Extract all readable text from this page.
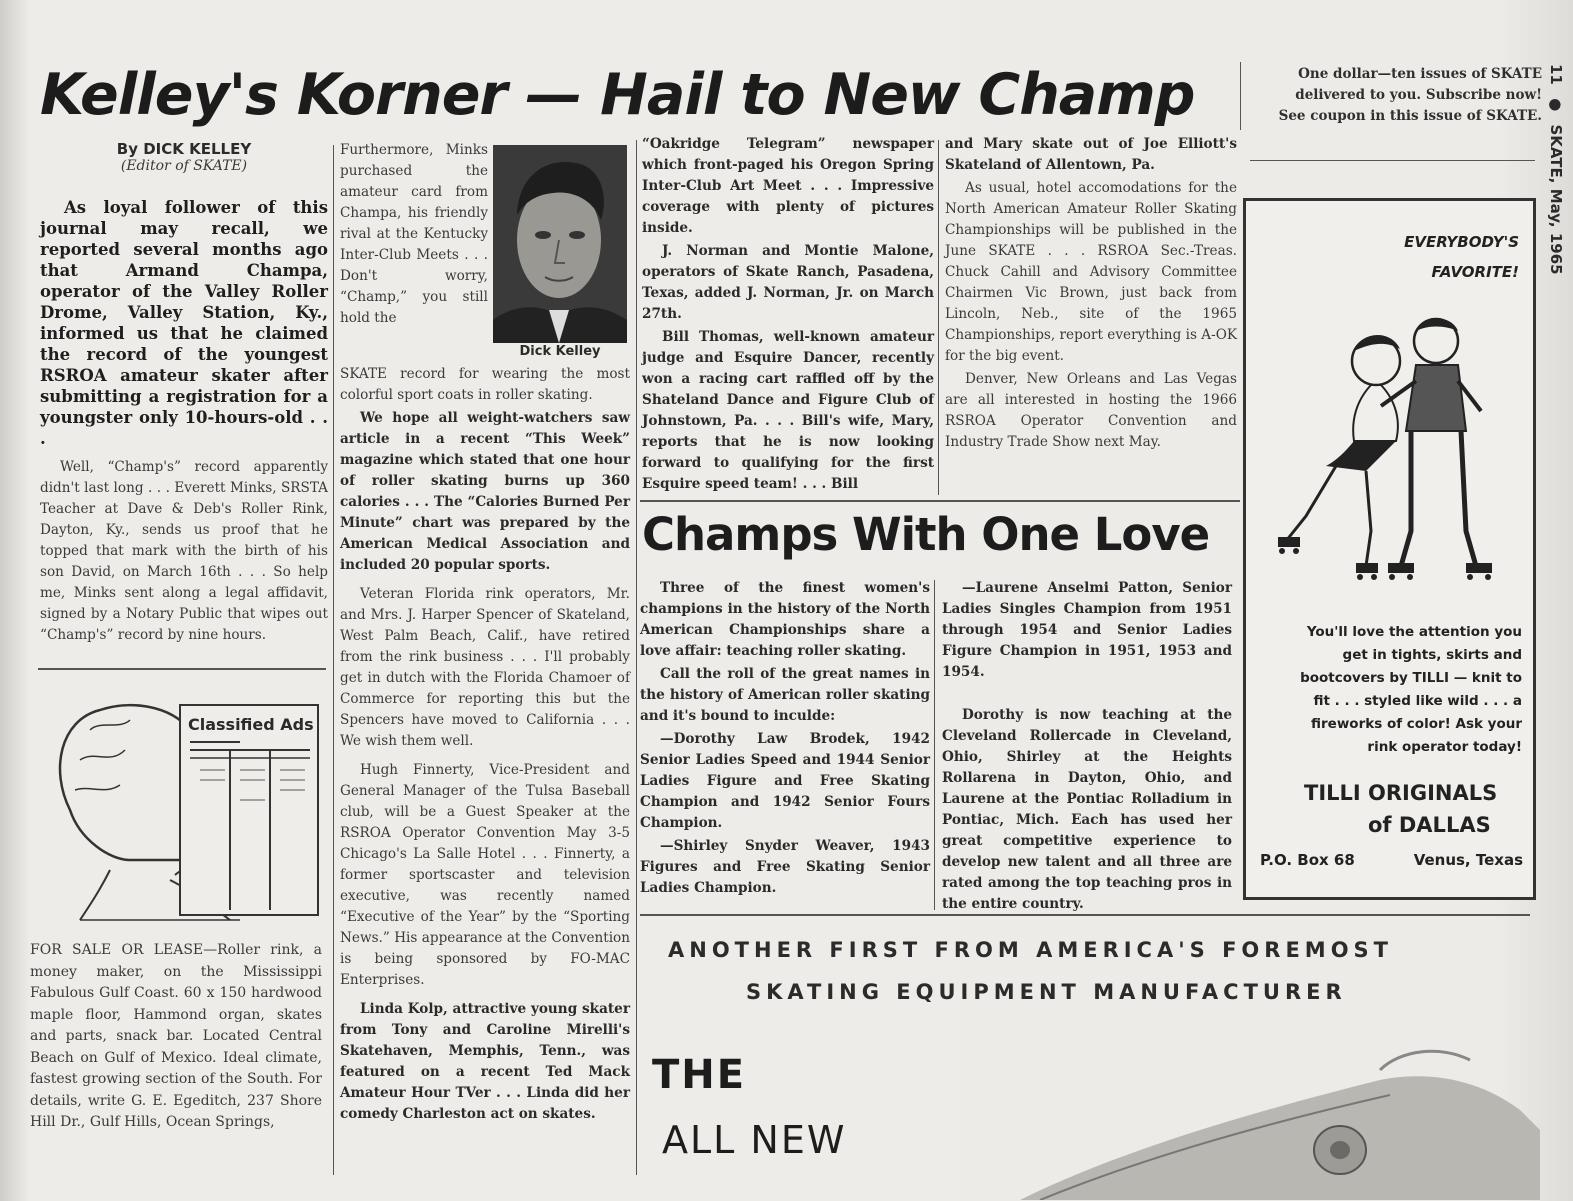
Kelley's Korner — Hail to New Champ	One dollar—ten issues of SKATE
delivered to you. Subscribe now!
See coupon in this issue of SKATE.
11 ● SKATE, May, 1965
By DICK KELLEY
(Editor of SKATE)
As loyal follower of this journal may recall, we reported several months ago that Armand Champa, operator of the Valley Roller Drome, Valley Station, Ky., informed us that he claimed the record of the youngest RSROA amateur skater after submitting a registration for a youngster only 10-hours-old . . .

Well, “Champ's” record apparently didn't last long . . . Everett Minks, SRSTA Teacher at Dave & Deb's Roller Rink, Dayton, Ky., sends us proof that he topped that mark with the birth of his son David, on March 16th . . . So help me, Minks sent along a legal affidavit, signed by a Notary Public that wipes out “Champ's” record by nine hours.

Classified Ads

FOR SALE OR LEASE—Roller rink, a money maker, on the Mississippi Fabulous Gulf Coast. 60 x 150 hardwood maple floor, Hammond organ, skates and parts, snack bar. Located Central Beach on Gulf of Mexico. Ideal climate, fastest growing section of the South. For details, write G. E. Egeditch, 237 Shore Hill Dr., Gulf Hills, Ocean Springs,

Furthermore, Minks purchased the amateur card from Champa, his friendly rival at the Kentucky Inter-Club Meets . . . Don't worry, “Champ,” you still hold the

Dick Kelley

SKATE record for wearing the most colorful sport coats in roller skating.

We hope all weight-watchers saw article in a recent “This Week” magazine which stated that one hour of roller skating burns up 360 calories . . . The “Calories Burned Per Minute” chart was prepared by the American Medical Association and included 20 popular sports.

Veteran Florida rink operators, Mr. and Mrs. J. Harper Spencer of Skateland, West Palm Beach, Calif., have retired from the rink business . . . I'll probably get in dutch with the Florida Chamoer of Commerce for reporting this but the Spencers have moved to California . . . We wish them well.

Hugh Finnerty, Vice-President and General Manager of the Tulsa Baseball club, will be a Guest Speaker at the RSROA Operator Convention May 3-5 Chicago's La Salle Hotel . . . Finnerty, a former sportscaster and television executive, was recently named “Executive of the Year” by the “Sporting News.” His appearance at the Convention is being sponsored by FO-MAC Enterprises.

Linda Kolp, attractive young skater from Tony and Caroline Mirelli's Skatehaven, Memphis, Tenn., was featured on a recent Ted Mack Amateur Hour TVer . . . Linda did her comedy Charleston act on skates.

“Oakridge Telegram” newspaper which front-paged his Oregon Spring Inter-Club Art Meet . . . Impressive coverage with plenty of pictures inside.

J. Norman and Montie Malone, operators of Skate Ranch, Pasadena, Texas, added J. Norman, Jr. on March 27th.

Bill Thomas, well-known amateur judge and Esquire Dancer, recently won a racing cart raffled off by the Shateland Dance and Figure Club of Johnstown, Pa. . . . Bill's wife, Mary, reports that he is now looking forward to qualifying for the first Esquire speed team! . . . Bill

and Mary skate out of Joe Elliott's Skateland of Allentown, Pa.

As usual, hotel accomodations for the North American Amateur Roller Skating Championships will be published in the June SKATE . . . RSROA Sec.-Treas. Chuck Cahill and Advisory Committee Chairmen Vic Brown, just back from Lincoln, Neb., site of the 1965 Championships, report everything is A-OK for the big event.

Denver, New Orleans and Las Vegas are all interested in hosting the 1966 RSROA Operator Convention and Industry Trade Show next May.

Champs With One Love

Three of the finest women's champions in the history of the North American Championships share a love affair: teaching roller skating.

Call the roll of the great names in the history of American roller skating and it's bound to inculde:

—Dorothy Law Brodek, 1942 Senior Ladies Speed and 1944 Senior Ladies Figure and Free Skating Champion and 1942 Senior Fours Champion.

—Shirley Snyder Weaver, 1943 Figures and Free Skating Senior Ladies Champion.

—Laurene Anselmi Patton, Senior Ladies Singles Champion from 1951 through 1954 and Senior Ladies Figure Champion in 1951, 1953 and 1954.

Dorothy is now teaching at the Cleveland Rollercade in Cleveland, Ohio, Shirley at the Heights Rollarena in Dayton, Ohio, and Laurene at the Pontiac Rolladium in Pontiac, Mich. Each has used her great competitive experience to develop new talent and all three are rated among the top teaching pros in the entire country.

EVERYBODY'S
FAVORITE!
You'll love the attention you get in tights, skirts and bootcovers by TILLI — knit to fit . . . styled like wild . . . a fireworks of color! Ask your rink operator today!
TILLI ORIGINALS
of DALLAS
P.O. Box 68	Venus, Texas
ANOTHER FIRST FROM AMERICA'S FOREMOST
SKATING EQUIPMENT MANUFACTURER
THE
ALL NEW
